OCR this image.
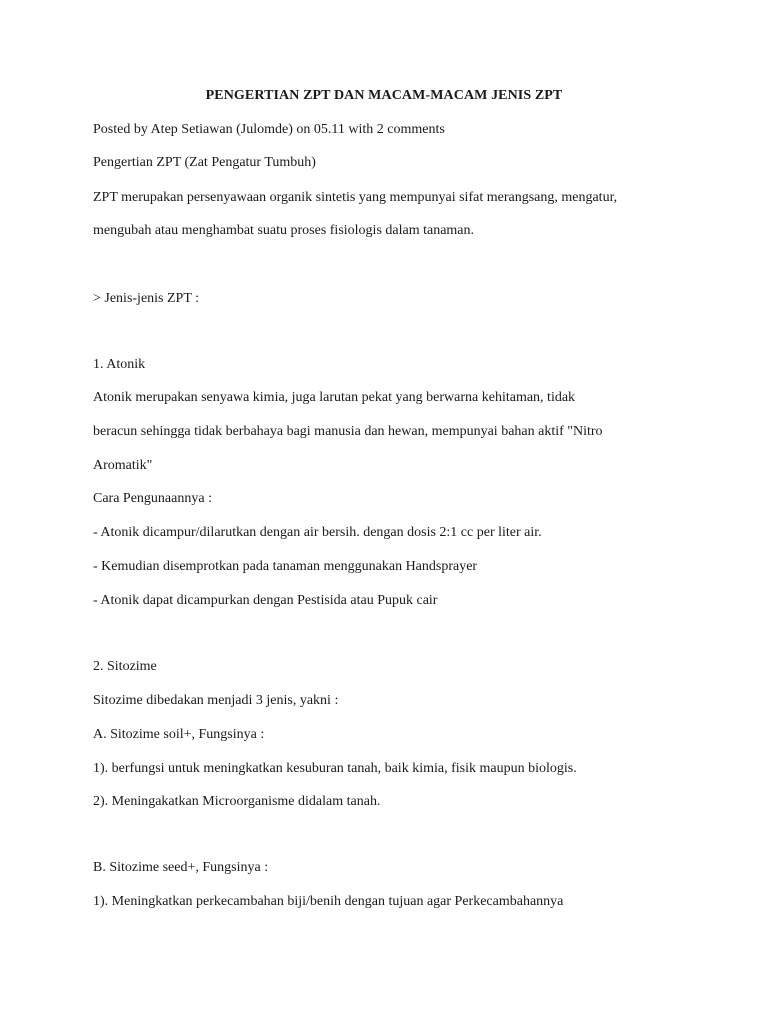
PENGERTIAN ZPT DAN MACAM-MACAM JENIS ZPT
Posted by Atep Setiawan (Julomde) on 05.11 with 2 comments
Pengertian ZPT (Zat Pengatur Tumbuh)
ZPT merupakan persenyawaan organik sintetis yang mempunyai sifat merangsang, mengatur,
mengubah atau menghambat suatu proses fisiologis dalam tanaman.
> Jenis-jenis ZPT :
1. Atonik
Atonik merupakan senyawa kimia, juga larutan pekat yang berwarna kehitaman, tidak
beracun sehingga tidak berbahaya bagi manusia dan hewan, mempunyai bahan aktif "Nitro
Aromatik"
Cara Pengunaannya :
- Atonik dicampur/dilarutkan dengan air bersih. dengan dosis 2:1 cc per liter air.
- Kemudian disemprotkan pada tanaman menggunakan Handsprayer
- Atonik dapat dicampurkan dengan Pestisida atau Pupuk cair
2. Sitozime
Sitozime dibedakan menjadi 3 jenis, yakni :
A. Sitozime soil+, Fungsinya :
1). berfungsi untuk meningkatkan kesuburan tanah, baik kimia, fisik maupun biologis.
2). Meningakatkan Microorganisme didalam tanah.
B. Sitozime seed+, Fungsinya :
1). Meningkatkan perkecambahan biji/benih dengan tujuan agar Perkecambahannya
